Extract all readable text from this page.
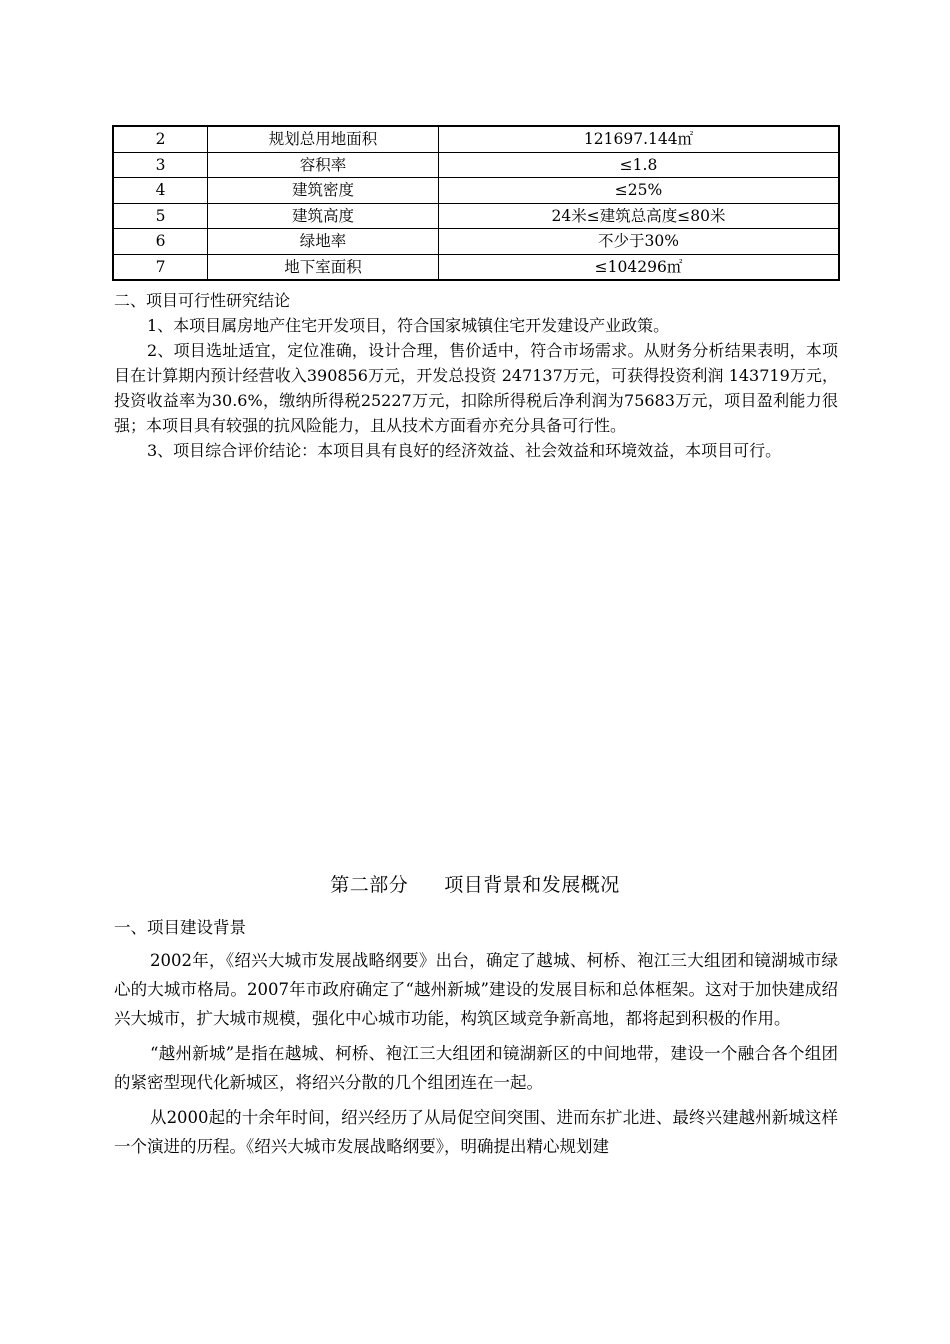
2	规划总用地面积	121697.144㎡
3	容积率	≤1.8
4	建筑密度	≤25%
5	建筑高度	24米≤建筑总高度≤80米
6	绿地率	不少于30%
7	地下室面积	≤104296㎡

二、项目可行性研究结论

1、本项目属房地产住宅开发项目，符合国家城镇住宅开发建设产业政策。

2、项目选址适宜，定位准确，设计合理，售价适中，符合市场需求。从财务分析结果表明，本项目在计算期内预计经营收入390856万元，开发总投资 247137万元，可获得投资利润 143719万元，投资收益率为30.6%，缴纳所得税25227万元，扣除所得税后净利润为75683万元，项目盈利能力很强；本项目具有较强的抗风险能力，且从技术方面看亦充分具备可行性。

3、项目综合评价结论：本项目具有良好的经济效益、社会效益和环境效益，本项目可行。

第二部分 项目背景和发展概况

一、项目建设背景

2002年，《绍兴大城市发展战略纲要》出台，确定了越城、柯桥、袍江三大组团和镜湖城市绿心的大城市格局。2007年市政府确定了“越州新城”建设的发展目标和总体框架。这对于加快建成绍兴大城市，扩大城市规模，强化中心城市功能，构筑区域竞争新高地，都将起到积极的作用。

“越州新城”是指在越城、柯桥、袍江三大组团和镜湖新区的中间地带，建设一个融合各个组团的紧密型现代化新城区，将绍兴分散的几个组团连在一起。

从2000起的十余年时间，绍兴经历了从局促空间突围、进而东扩北进、最终兴建越州新城这样一个演进的历程。《绍兴大城市发展战略纲要》，明确提出精心规划建
